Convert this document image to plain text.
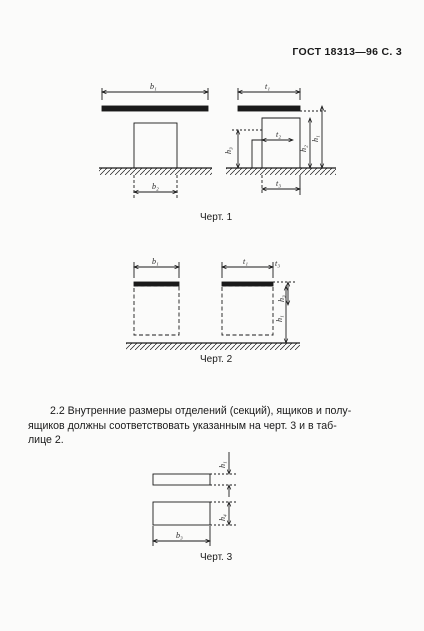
ГОСТ 18313—96 С. 3
b₁
b₂
t₁
t₂
h₃	h₂
h₁
t₃
b₁	t₁	t₃
h₃
h₁
h₁
h₄
b₃
Черт. 1
Черт. 2
Черт. 3
2.2 Внутренние размеры отделений (секций), ящиков и полу-
ящиков должны соответствовать указанным на черт. 3 и в таб-
лице 2.
